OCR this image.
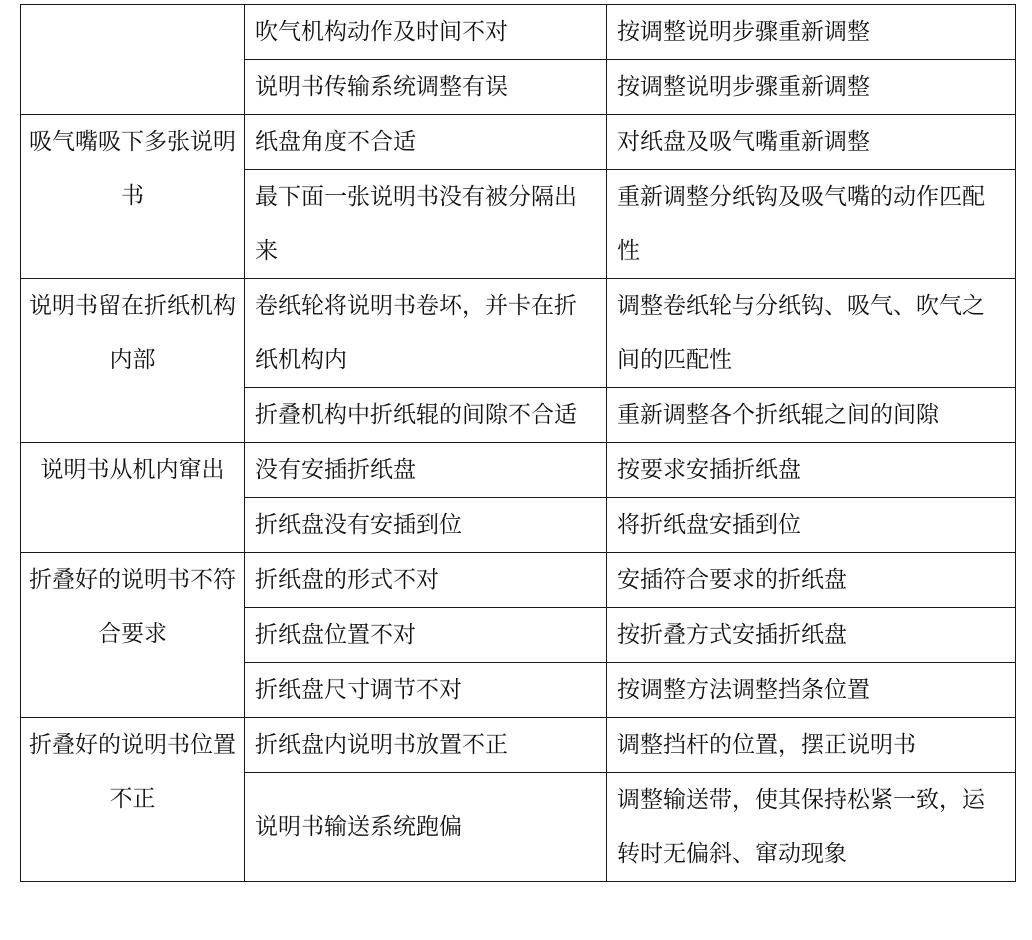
	吹气机构动作及时间不对	按调整说明步骤重新调整
	说明书传输系统调整有误	按调整说明步骤重新调整
吸气嘴吸下多张说明书	纸盘角度不合适	对纸盘及吸气嘴重新调整
	最下面一张说明书没有被分隔出来	重新调整分纸钩及吸气嘴的动作匹配性
说明书留在折纸机构内部	卷纸轮将说明书卷坏，并卡在折纸机构内	调整卷纸轮与分纸钩、吸气、吹气之间的匹配性
	折叠机构中折纸辊的间隙不合适	重新调整各个折纸辊之间的间隙
说明书从机内窜出	没有安插折纸盘	按要求安插折纸盘
	折纸盘没有安插到位	将折纸盘安插到位
折叠好的说明书不符合要求	折纸盘的形式不对	安插符合要求的折纸盘
	折纸盘位置不对	按折叠方式安插折纸盘
	折纸盘尺寸调节不对	按调整方法调整挡条位置
折叠好的说明书位置不正	折纸盘内说明书放置不正	调整挡杆的位置，摆正说明书
	说明书输送系统跑偏	调整输送带，使其保持松紧一致，运转时无偏斜、窜动现象
